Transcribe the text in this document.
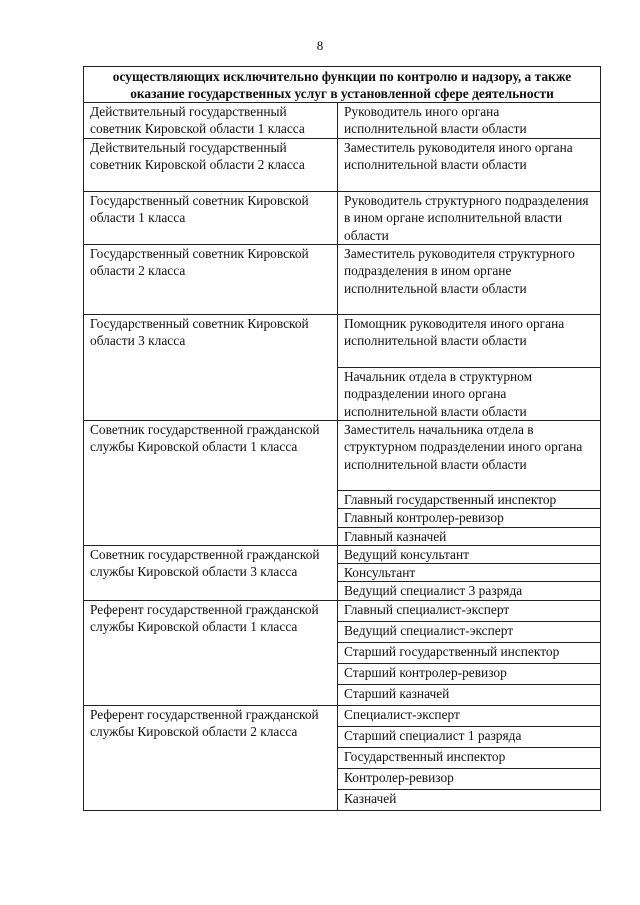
8
осуществляющих исключительно функции по контролю и надзору, а также оказание государственных услуг в установленной сфере деятельности	
Действительный государственный советник Кировской области 1 класса	Руководитель иного органа исполнительной власти области
Действительный государственный советник Кировской области 2 класса	Заместитель руководителя иного органа исполнительной власти области
Государственный советник Кировской области 1 класса	Руководитель структурного подразделения в ином органе исполнительной власти области
Государственный советник Кировской области 2 класса	Заместитель руководителя структурного подразделения в ином органе исполнительной власти области
Государственный советник Кировской области 3 класса	Помощник руководителя иного органа исполнительной власти области
	Начальник отдела в структурном подразделении иного органа исполнительной власти области
Советник государственной гражданской службы Кировской области 1 класса	Заместитель начальника отдела в структурном подразделении иного органа исполнительной власти области
	Главный государственный инспектор
	Главный контролер-ревизор
	Главный казначей
Советник государственной гражданской службы Кировской области 3 класса	Ведущий консультант
	Консультант
	Ведущий специалист 3 разряда
Референт государственной гражданской службы Кировской области 1 класса	Главный специалист-эксперт
	Ведущий специалист-эксперт
	Старший государственный инспектор
	Старший контролер-ревизор
	Старший казначей
Референт государственной гражданской службы Кировской области 2 класса	Специалист-эксперт
	Старший специалист 1 разряда
	Государственный инспектор
	Контролер-ревизор
	Казначей
